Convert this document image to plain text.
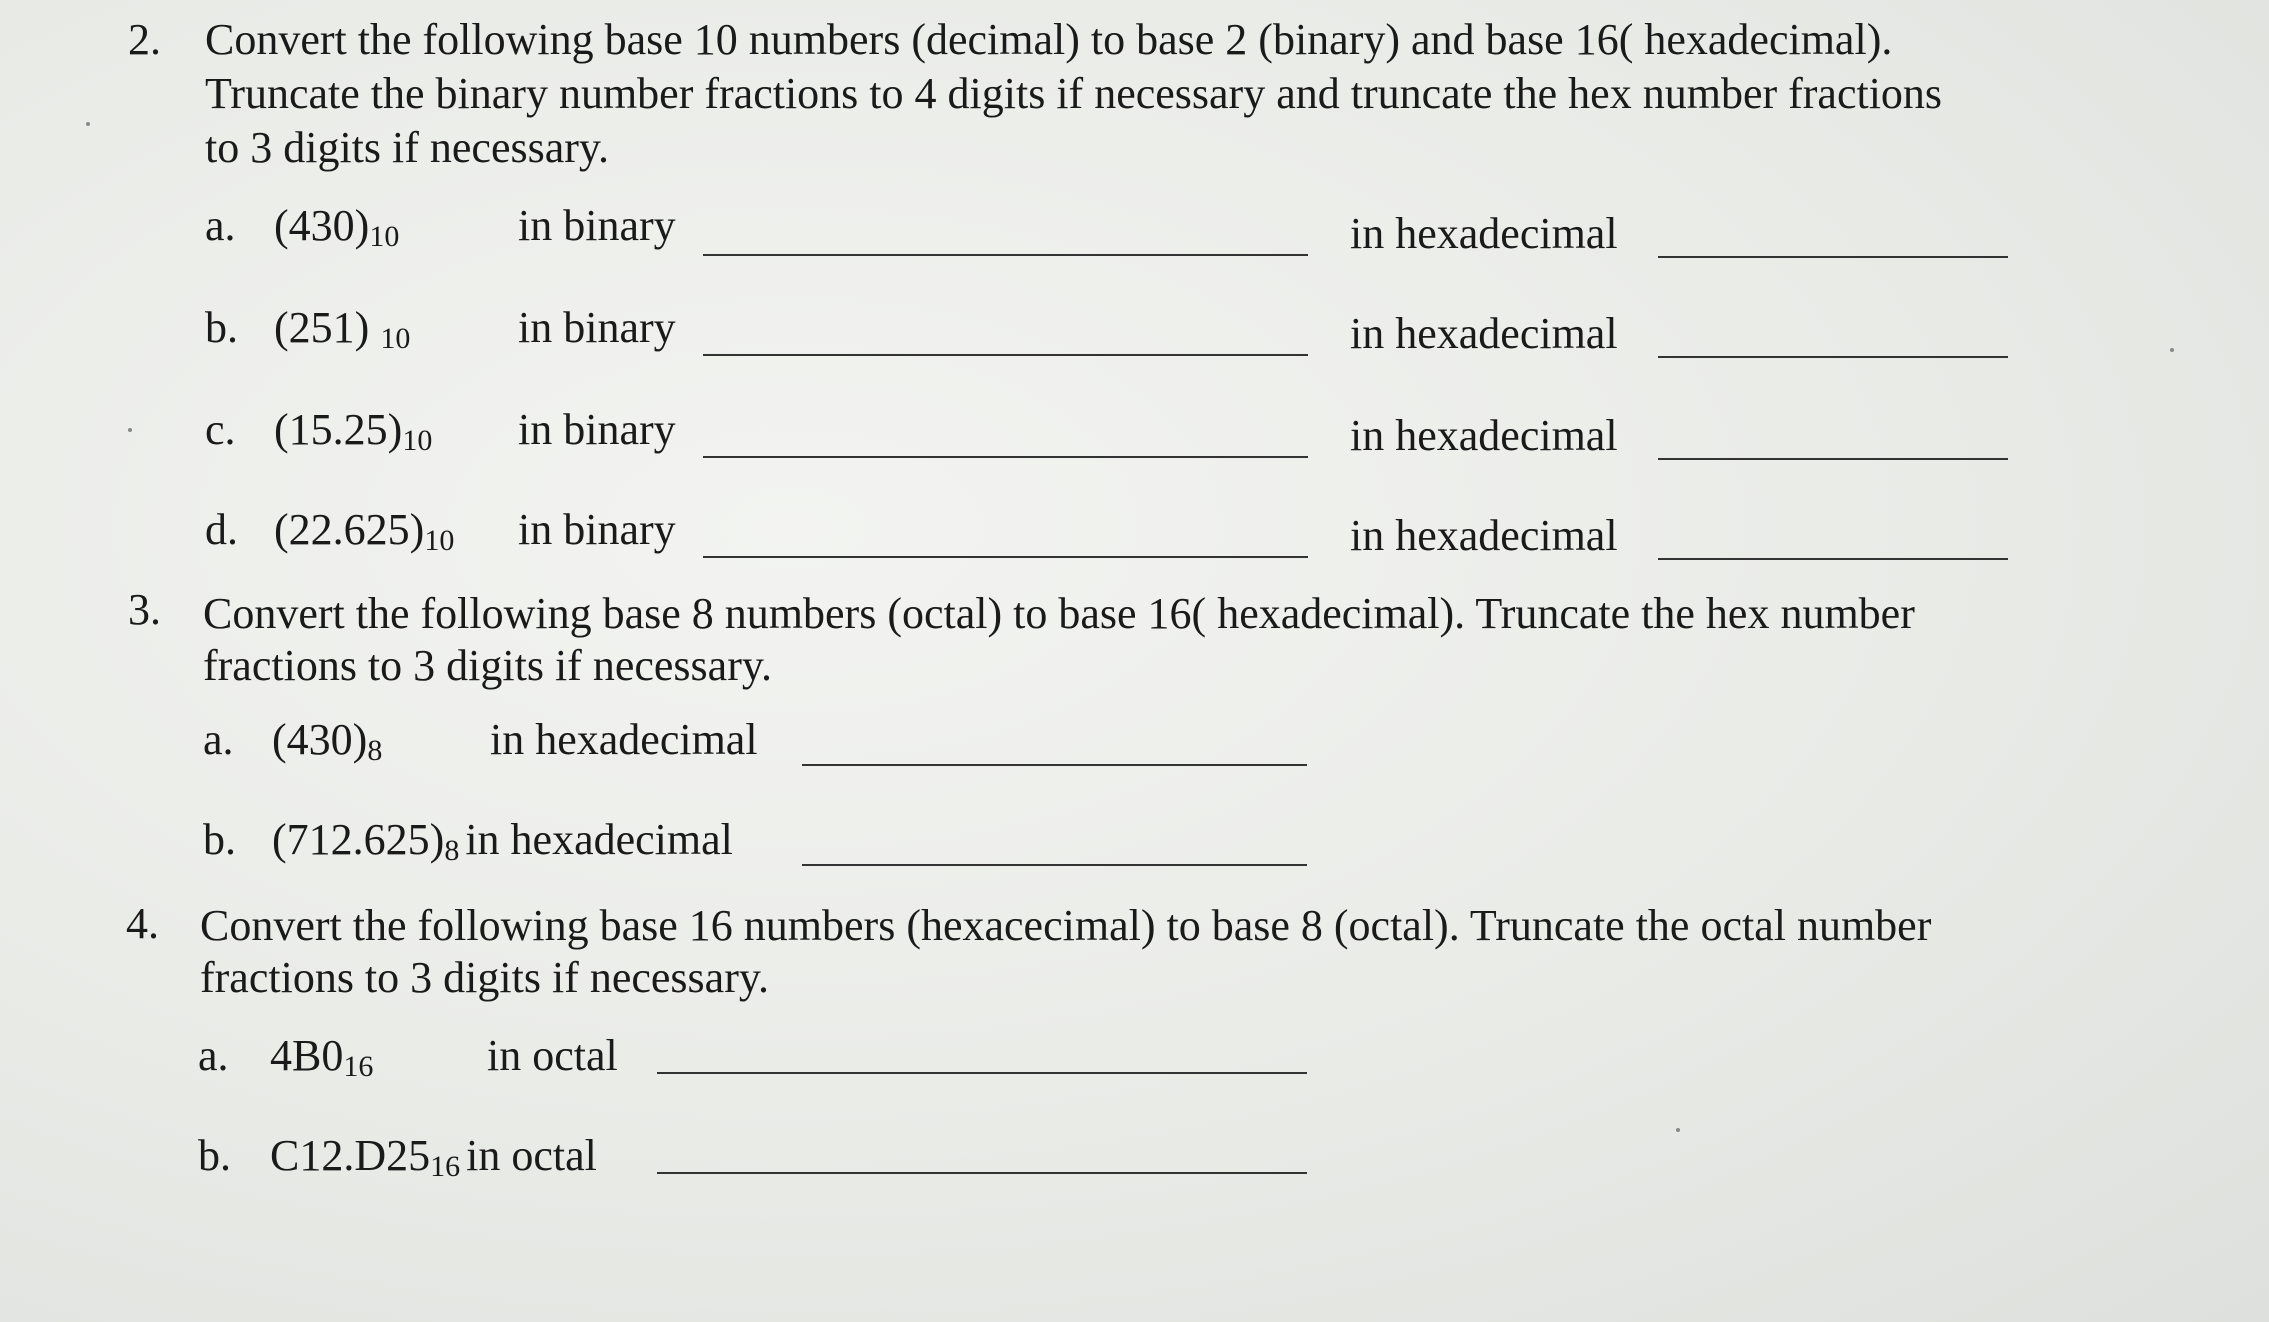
2. Convert the following base 10 numbers (decimal) to base 2 (binary) and base 16( hexadecimal).
Truncate the binary number fractions to 4 digits if necessary and truncate the hex number fractions
to 3 digits if necessary.
a. $(430)_{10}$	in binary	in hexadecimal
b. (251) $_{10}$ in binary	in hexadecimal
c. $(15.25)_{10}$ in binary	in hexadecimal
d. $(22.625)_{10}$ in binary	in hexadecimal
3. Convert the following base 8 numbers (octal) to base 16( hexadecimal). Truncate the hex number
fractions to 3 digits if necessary.
a. $(430)_8$ in hexadecimal
b. $(712.625)_8$ in hexadecimal
4. Convert the following base 16 numbers (hexacecimal) to base 8 (octal). Truncate the octal number
fractions to 3 digits if necessary.
a. $4B0_{16}$	in octal
b. $C12.D25_{16}$ in octal
